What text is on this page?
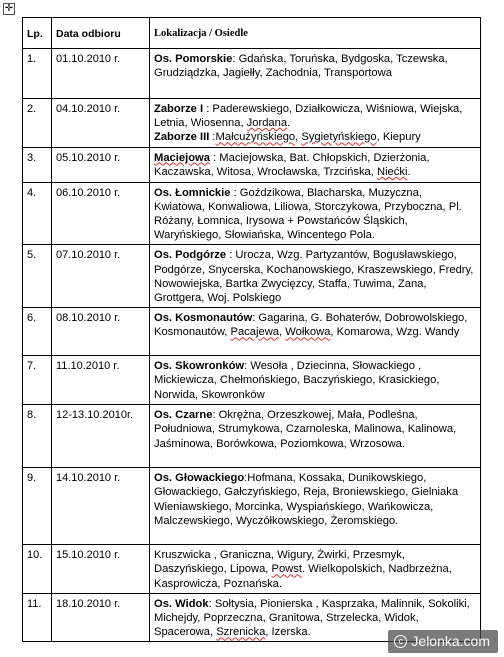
✛
Lp.	Data odbioru	Lokalizacja / Osiedle
1.	01.10.2010 r.	Os. Pomorskie: Gdańska, Toruńska, Bydgoska, Tczewska, Grudziądzka, Jagiełły, Zachodnia, Transportowa
2.	04.10.2010 r.	Zaborze I : Paderewskiego, Działkowicza, Wiśniowa, Wiejska, Letnia, Wiosenna, Jordana.
Zaborze III :Małcużyńskiego, Sygietyńskiego, Kiepury
3.	05.10.2010 r.	Maciejowa : Maciejowska, Bat. Chłopskich, Dzierżonia, Kaczawska, Witosa, Wrocławska, Trzcińska, Niećki.
4.	06.10.2010 r.	Os. Łomnickie : Goździkowa, Blacharska, Muzyczna, Kwiatowa, Konwaliowa, Liliowa, Storczykowa, Przyboczna, Pl. Różany, Łomnica, Irysowa + Powstańców Śląskich, Waryńskiego, Słowiańska, Wincentego Pola.
5.	07.10.2010 r.	Os. Podgórze : Urocza, Wzg. Partyzantów, Bogusławskiego, Podgórze, Snycerska, Kochanowskiego, Kraszewskiego, Fredry, Nowowiejska, Bartka Zwycięzcy, Staffa, Tuwima, Zana, Grottgera, Woj. Polskiego
6.	08.10.2010 r.	Os. Kosmonautów: Gagarina, G. Bohaterów, Dobrowolskiego, Kosmonautów, Pacajewa, Wołkowa, Komarowa, Wzg. Wandy
7.	11.10.2010 r.	Os. Skowronków: Wesoła , Dziecinna, Słowackiego , Mickiewicza, Chełmońskiego, Baczyńskiego, Krasickiego, Norwida, Skowronków
8.	12-13.10.2010r.	Os. Czarne: Okrężna, Orzeszkowej, Mała, Podleśna, Południowa, Strumykowa, Czarnoleska, Malinowa, Kalinowa, Jaśminowa, Borówkowa, Poziomkowa, Wrzosowa.
9.	14.10.2010 r.	Os. Głowackiego:Hofmana, Kossaka, Dunikowskiego, Głowackiego, Gałczyńskiego, Reja, Broniewskiego, Gielniaka Wieniawskiego, Morcinka, Wyspiańskiego, Wańkowicza, Malczewskiego, Wyczółkowskiego, Żeromskiego.
10.	15.10.2010 r.	Kruszwicka , Graniczna, Wigury, Żwirki, Przesmyk, Daszyńskiego, Lipowa, Powst. Wielkopolskich, Nadbrzeżna, Kasprowicza, Poznańska.
11.	18.10.2010 r.	Os. Widok: Sołtysia, Pionierska , Kasprzaka, Malinnik, Sokoliki, Michejdy, Poprzeczna, Granitowa, Strzelecka, Widok, Spacerowa, Szrenicka, Izerska.
c Jelonka.com
